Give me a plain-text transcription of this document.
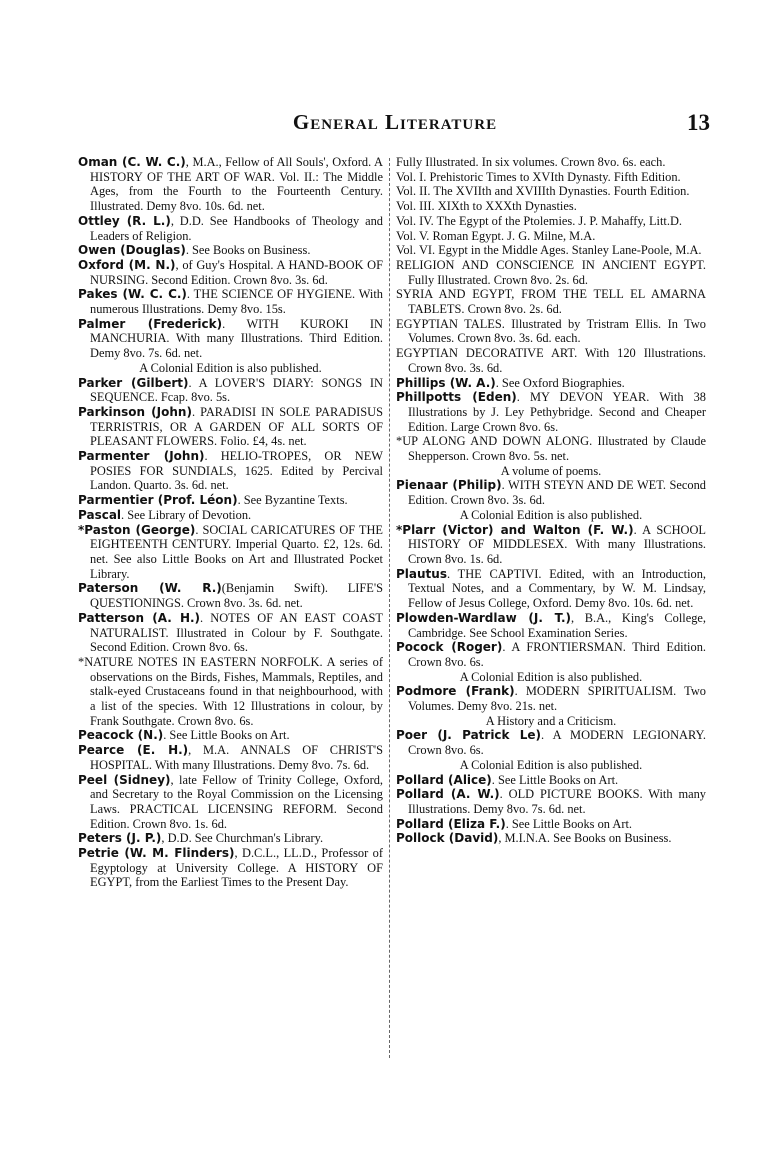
General Literature	13
Oman (C. W. C.), M.A., Fellow of All Souls', Oxford. A HISTORY OF THE ART OF WAR. Vol. II.: The Middle Ages, from the Fourth to the Fourteenth Century. Illustrated. Demy 8vo. 10s. 6d. net.
Ottley (R. L.), D.D. See Handbooks of Theology and Leaders of Religion.
Owen (Douglas). See Books on Business.
Oxford (M. N.), of Guy's Hospital. A HAND-BOOK OF NURSING. Second Edition. Crown 8vo. 3s. 6d.
Pakes (W. C. C.). THE SCIENCE OF HYGIENE. With numerous Illustrations. Demy 8vo. 15s.
Palmer (Frederick). WITH KUROKI IN MANCHURIA. With many Illustrations. Third Edition. Demy 8vo. 7s. 6d. net.
A Colonial Edition is also published.
Parker (Gilbert). A LOVER'S DIARY: SONGS IN SEQUENCE. Fcap. 8vo. 5s.
Parkinson (John). PARADISI IN SOLE PARADISUS TERRISTRIS, OR A GARDEN OF ALL SORTS OF PLEASANT FLOWERS. Folio. £4, 4s. net.
Parmenter (John). HELIO-TROPES, OR NEW POSIES FOR SUNDIALS, 1625. Edited by Percival Landon. Quarto. 3s. 6d. net.
Parmentier (Prof. Léon). See Byzantine Texts.
Pascal. See Library of Devotion.
*Paston (George). SOCIAL CARICATURES OF THE EIGHTEENTH CENTURY. Imperial Quarto. £2, 12s. 6d. net. See also Little Books on Art and Illustrated Pocket Library.
Paterson (W. R.)(Benjamin Swift). LIFE'S QUESTIONINGS. Crown 8vo. 3s. 6d. net.
Patterson (A. H.). NOTES OF AN EAST COAST NATURALIST. Illustrated in Colour by F. Southgate. Second Edition. Crown 8vo. 6s.
*NATURE NOTES IN EASTERN NORFOLK. A series of observations on the Birds, Fishes, Mammals, Reptiles, and stalk-eyed Crustaceans found in that neighbourhood, with a list of the species. With 12 Illustrations in colour, by Frank Southgate. Crown 8vo. 6s.
Peacock (N.). See Little Books on Art.
Pearce (E. H.), M.A. ANNALS OF CHRIST'S HOSPITAL. With many Illustrations. Demy 8vo. 7s. 6d.
Peel (Sidney), late Fellow of Trinity College, Oxford, and Secretary to the Royal Commission on the Licensing Laws. PRACTICAL LICENSING REFORM. Second Edition. Crown 8vo. 1s. 6d.
Peters (J. P.), D.D. See Churchman's Library.
Petrie (W. M. Flinders), D.C.L., LL.D., Professor of Egyptology at University College. A HISTORY OF EGYPT, from the Earliest Times to the Present Day.
Fully Illustrated. In six volumes. Crown 8vo. 6s. each.
Vol. I. Prehistoric Times to XVIth Dynasty. Fifth Edition.
Vol. II. The XVIIth and XVIIIth Dynasties. Fourth Edition.
Vol. III. XIXth to XXXth Dynasties.
Vol. IV. The Egypt of the Ptolemies. J. P. Mahaffy, Litt.D.
Vol. V. Roman Egypt. J. G. Milne, M.A.
Vol. VI. Egypt in the Middle Ages. Stanley Lane-Poole, M.A.
RELIGION AND CONSCIENCE IN ANCIENT EGYPT. Fully Illustrated. Crown 8vo. 2s. 6d.
SYRIA AND EGYPT, FROM THE TELL EL AMARNA TABLETS. Crown 8vo. 2s. 6d.
EGYPTIAN TALES. Illustrated by Tristram Ellis. In Two Volumes. Crown 8vo. 3s. 6d. each.
EGYPTIAN DECORATIVE ART. With 120 Illustrations. Crown 8vo. 3s. 6d.
Phillips (W. A.). See Oxford Biographies.
Phillpotts (Eden). MY DEVON YEAR. With 38 Illustrations by J. Ley Pethybridge. Second and Cheaper Edition. Large Crown 8vo. 6s.
*UP ALONG AND DOWN ALONG. Illustrated by Claude Shepperson. Crown 8vo. 5s. net.
A volume of poems.
Pienaar (Philip). WITH STEYN AND DE WET. Second Edition. Crown 8vo. 3s. 6d.
A Colonial Edition is also published.
*Plarr (Victor) and Walton (F. W.). A SCHOOL HISTORY OF MIDDLESEX. With many Illustrations. Crown 8vo. 1s. 6d.
Plautus. THE CAPTIVI. Edited, with an Introduction, Textual Notes, and a Commentary, by W. M. Lindsay, Fellow of Jesus College, Oxford. Demy 8vo. 10s. 6d. net.
Plowden-Wardlaw (J. T.), B.A., King's College, Cambridge. See School Examination Series.
Pocock (Roger). A FRONTIERSMAN. Third Edition. Crown 8vo. 6s.
A Colonial Edition is also published.
Podmore (Frank). MODERN SPIRITUALISM. Two Volumes. Demy 8vo. 21s. net.
A History and a Criticism.
Poer (J. Patrick Le). A MODERN LEGIONARY. Crown 8vo. 6s.
A Colonial Edition is also published.
Pollard (Alice). See Little Books on Art.
Pollard (A. W.). OLD PICTURE BOOKS. With many Illustrations. Demy 8vo. 7s. 6d. net.
Pollard (Eliza F.). See Little Books on Art.
Pollock (David), M.I.N.A. See Books on Business.
